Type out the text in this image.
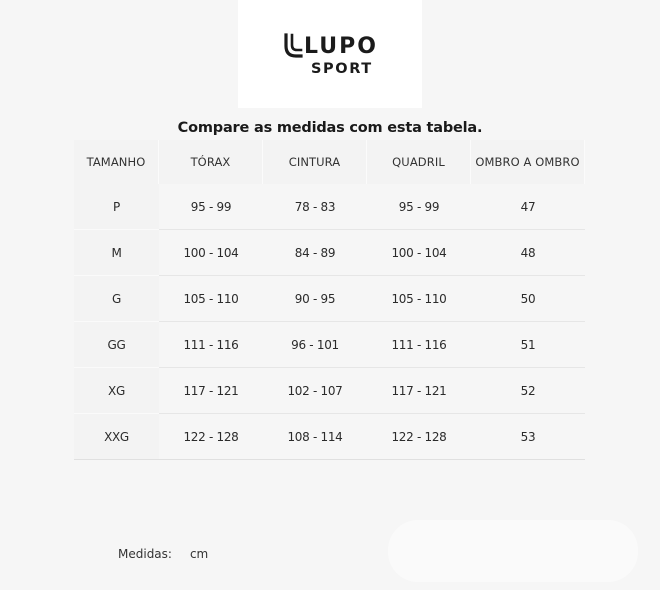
LUPO
SPORT
Compare as medidas com esta tabela.
TAMANHO	TÓRAX	CINTURA	QUADRIL	OMBRO A OMBRO
P	95 - 99	78 - 83	95 - 99	47
M	100 - 104	84 - 89	100 - 104	48
G	105 - 110	90 - 95	105 - 110	50
GG	111 - 116	96 - 101	111 - 116	51
XG	117 - 121	102 - 107	117 - 121	52
XXG	122 - 128	108 - 114	122 - 128	53
Medidas: cm
